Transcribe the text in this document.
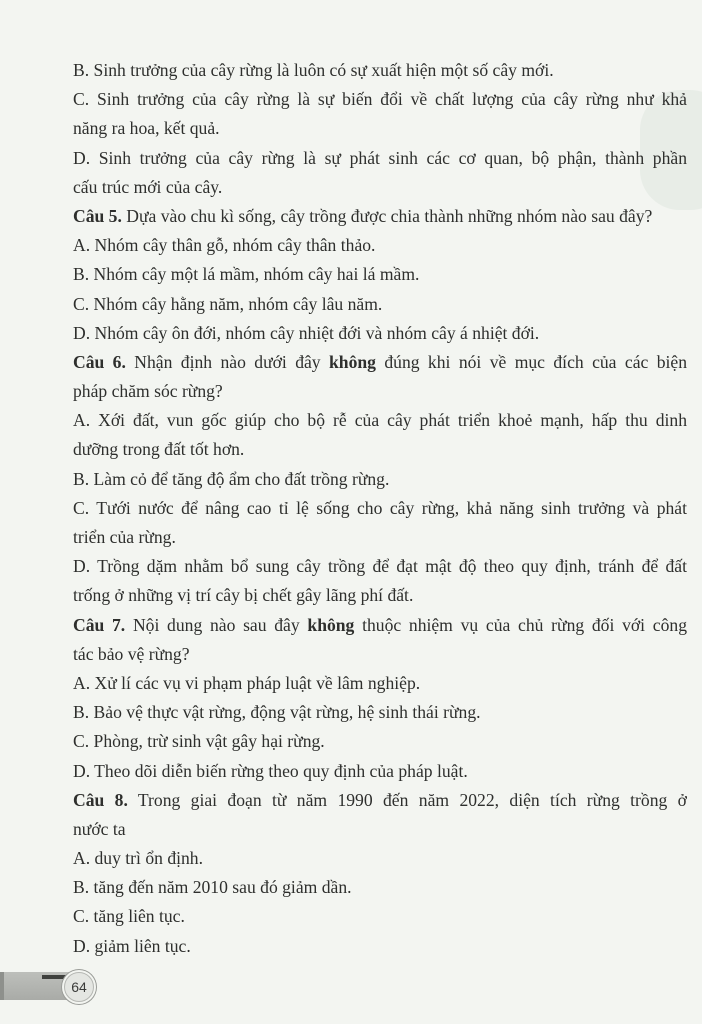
B. Sinh trưởng của cây rừng là luôn có sự xuất hiện một số cây mới.
C. Sinh trưởng của cây rừng là sự biến đổi về chất lượng của cây rừng như khả
năng ra hoa, kết quả.
D. Sinh trưởng của cây rừng là sự phát sinh các cơ quan, bộ phận, thành phần
cấu trúc mới của cây.
Câu 5. Dựa vào chu kì sống, cây trồng được chia thành những nhóm nào sau đây?
A. Nhóm cây thân gỗ, nhóm cây thân thảo.
B. Nhóm cây một lá mầm, nhóm cây hai lá mầm.
C. Nhóm cây hằng năm, nhóm cây lâu năm.
D. Nhóm cây ôn đới, nhóm cây nhiệt đới và nhóm cây á nhiệt đới.
Câu 6. Nhận định nào dưới đây không đúng khi nói về mục đích của các biện
pháp chăm sóc rừng?
A. Xới đất, vun gốc giúp cho bộ rễ của cây phát triển khoẻ mạnh, hấp thu dinh
dưỡng trong đất tốt hơn.
B. Làm cỏ để tăng độ ẩm cho đất trồng rừng.
C. Tưới nước để nâng cao tỉ lệ sống cho cây rừng, khả năng sinh trưởng và phát
triển của rừng.
D. Trồng dặm nhằm bổ sung cây trồng để đạt mật độ theo quy định, tránh để đất
trống ở những vị trí cây bị chết gây lãng phí đất.
Câu 7. Nội dung nào sau đây không thuộc nhiệm vụ của chủ rừng đối với công
tác bảo vệ rừng?
A. Xử lí các vụ vi phạm pháp luật về lâm nghiệp.
B. Bảo vệ thực vật rừng, động vật rừng, hệ sinh thái rừng.
C. Phòng, trừ sinh vật gây hại rừng.
D. Theo dõi diễn biến rừng theo quy định của pháp luật.
Câu 8. Trong giai đoạn từ năm 1990 đến năm 2022, diện tích rừng trồng ở
nước ta
A. duy trì ổn định.
B. tăng đến năm 2010 sau đó giảm dần.
C. tăng liên tục.
D. giảm liên tục.
64
